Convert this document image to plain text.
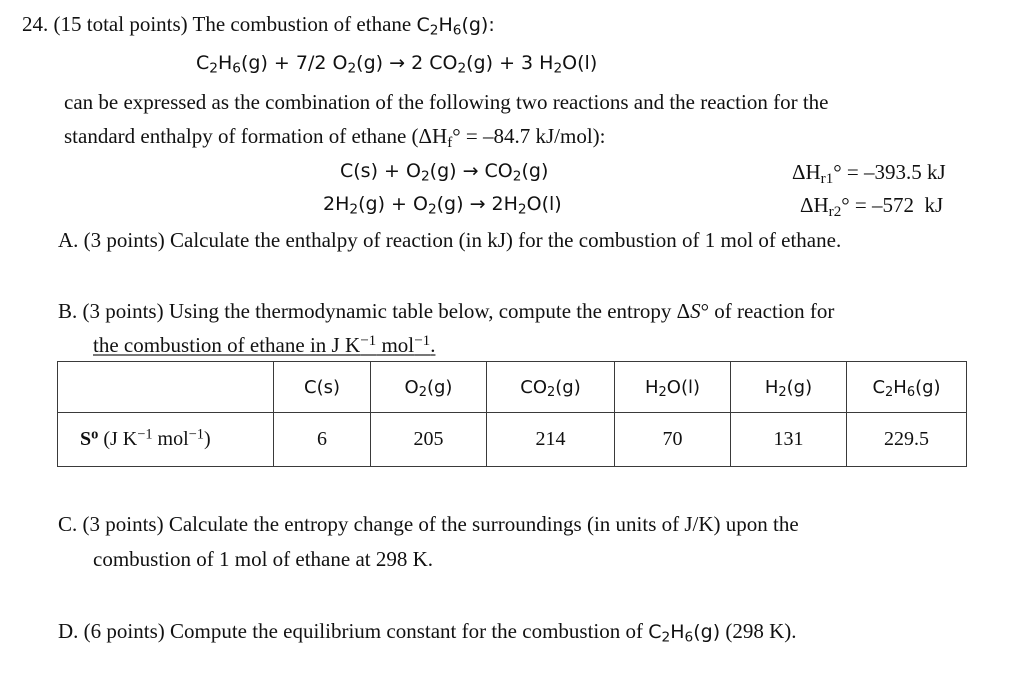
24. (15 total points) The combustion of ethane $C_2H_6(g)$:
$C_2H_6(g) + 7/2$ $O_2(g) \to 2$ $CO_2(g) + 3$ $H_2O(l)$
can be expressed as the combination of the following two reactions and the reaction for the
standard enthalpy of formation of ethane ($\Delta H_f^\circ = -84.7$ kJ/mol):
$C(s) + O_2(g) \to CO_2(g)$	$\Delta H_{r1}^\circ = -393.5$ kJ
$2H_2(g) + O_2(g) \to 2H_2O(l)$	$\Delta H_{r2}^\circ = -572$  kJ
A. (3 points) Calculate the enthalpy of reaction (in kJ) for the combustion of 1 mol of ethane.
B. (3 points) Using the thermodynamic table below, compute the entropy ΔS° of reaction for
the combustion of ethane in J $K^{-1}$ mol$^{-1}$.
	C(s)	$O_2(g)$	$CO_2(g)$	$H_2O(l)$	$H_2(g)$	$C_2H_6(g)$
$S^o$ (J $K^{-1}$ mol$^{-1}$)	6	205	214	70	131	229.5
C. (3 points) Calculate the entropy change of the surroundings (in units of J/K) upon the
combustion of 1 mol of ethane at 298 K.
D. (6 points) Compute the equilibrium constant for the combustion of $C_2H_6(g)$ (298 K).
